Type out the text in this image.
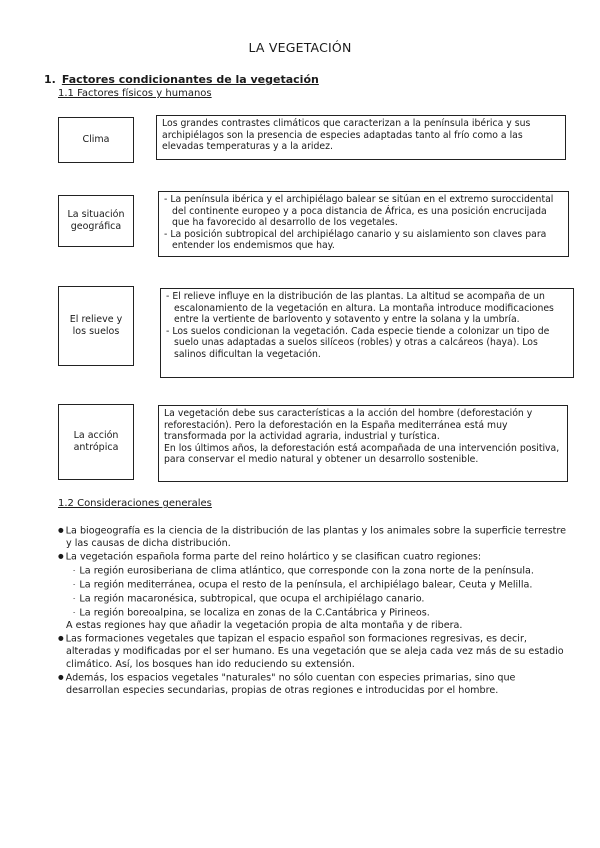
LA VEGETACIÓN
1. Factores condicionantes de la vegetación
1.1 Factores físicos y humanos
Clima

Los grandes contrastes climáticos que caracterizan a la península ibérica y sus archipiélagos son la presencia de especies adaptadas tanto al frío como a las elevadas temperaturas y a la aridez.

La situación geográfica
- La península ibérica y el archipiélago balear se sitúan en el extremo suroccidental del continente europeo y a poca distancia de África, es una posición encrucijada que ha favorecido al desarrollo de los vegetales.
- La posición subtropical del archipiélago canario y su aislamiento son claves para entender los endemismos que hay.
El relieve y los suelos
- El relieve influye en la distribución de las plantas. La altitud se acompaña de un escalonamiento de la vegetación en altura. La montaña introduce modificaciones entre la vertiente de barlovento y sotavento y entre la solana y la umbría.
- Los suelos condicionan la vegetación. Cada especie tiende a colonizar un tipo de suelo unas adaptadas a suelos silíceos (robles) y otras a calcáreos (haya). Los salinos dificultan la vegetación.
La acción antrópica

La vegetación debe sus características a la acción del hombre (deforestación y reforestación). Pero la deforestación en la España mediterránea está muy transformada por la actividad agraria, industrial y turística.

En los últimos años, la deforestación está acompañada de una intervención positiva, para conservar el medio natural y obtener un desarrollo sostenible.

1.2 Consideraciones generales
● La biogeografía es la ciencia de la distribución de las plantas y los animales sobre la superficie terrestre y las causas de dicha distribución.
● La vegetación española forma parte del reino holártico y se clasifican cuatro regiones:
- La región eurosiberiana de clima atlántico, que corresponde con la zona norte de la península.
- La región mediterránea, ocupa el resto de la península, el archipiélago balear, Ceuta y Melilla.
- La región macaronésica, subtropical, que ocupa el archipiélago canario.
- La región boreoalpina, se localiza en zonas de la C.Cantábrica y Pirineos.
A estas regiones hay que añadir la vegetación propia de alta montaña y de ribera.
● Las formaciones vegetales que tapizan el espacio español son formaciones regresivas, es decir, alteradas y modificadas por el ser humano. Es una vegetación que se aleja cada vez más de su estadio climático. Así, los bosques han ido reduciendo su extensión.
● Además, los espacios vegetales "naturales" no sólo cuentan con especies primarias, sino que desarrollan especies secundarias, propias de otras regiones e introducidas por el hombre.
